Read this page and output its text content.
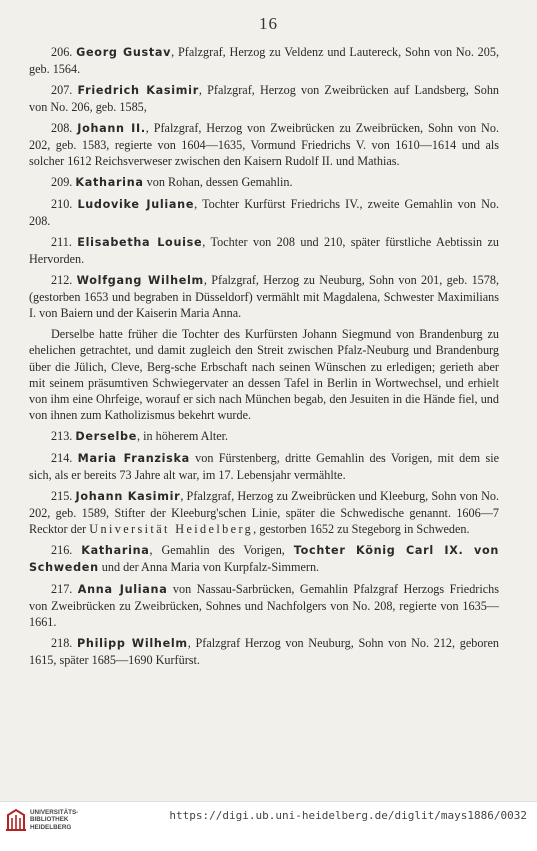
16

206. Georg Gustav, Pfalzgraf, Herzog zu Veldenz und Lautereck, Sohn von No. 205, geb. 1564.

207. Friedrich Kasimir, Pfalzgraf, Herzog von Zweibrücken auf Landsberg, Sohn von No. 206, geb. 1585,

208. Johann II., Pfalzgraf, Herzog von Zweibrücken zu Zweibrücken, Sohn von No. 202, geb. 1583, regierte von 1604—1635, Vormund Friedrichs V. von 1610—1614 und als solcher 1612 Reichsverweser zwischen den Kaisern Rudolf II. und Mathias.

209. Katharina von Rohan, dessen Gemahlin.

210. Ludovike Juliane, Tochter Kurfürst Friedrichs IV., zweite Gemahlin von No. 208.

211. Elisabetha Louise, Tochter von 208 und 210, später fürstliche Aebtissin zu Hervorden.

212. Wolfgang Wilhelm, Pfalzgraf, Herzog zu Neuburg, Sohn von 201, geb. 1578, (gestorben 1653 und begraben in Düsseldorf) vermählt mit Magdalena, Schwester Maximilians I. von Baiern und der Kaiserin Maria Anna.

Derselbe hatte früher die Tochter des Kurfürsten Johann Siegmund von Brandenburg zu ehelichen getrachtet, und damit zugleich den Streit zwischen Pfalz-Neuburg und Brandenburg über die Jülich, Cleve, Berg-sche Erbschaft nach seinen Wünschen zu erledigen; gerieth aber mit seinem präsumtiven Schwiegervater an dessen Tafel in Berlin in Wortwechsel, und erhielt von ihm eine Ohrfeige, worauf er sich nach München begab, den Jesuiten in die Hände fiel, und von ihnen zum Katholizismus bekehrt wurde.

213. Derselbe, in höherem Alter.

214. Maria Franziska von Fürstenberg, dritte Gemahlin des Vorigen, mit dem sie sich, als er bereits 73 Jahre alt war, im 17. Lebensjahr vermählte.

215. Johann Kasimir, Pfalzgraf, Herzog zu Zweibrücken und Kleeburg, Sohn von No. 202, geb. 1589, Stifter der Kleeburg'schen Linie, später die Schwedische genannt. 1606—7 Recktor der Universität Heidelberg, gestorben 1652 zu Stegeborg in Schweden.

216. Katharina, Gemahlin des Vorigen, Tochter König Carl IX. von Schweden und der Anna Maria von Kurpfalz-Simmern.

217. Anna Juliana von Nassau-Sarbrücken, Gemahlin Pfalzgraf Herzogs Friedrichs von Zweibrücken zu Zweibrücken, Sohnes und Nachfolgers von No. 208, regierte von 1635—1661.

218. Philipp Wilhelm, Pfalzgraf Herzog von Neuburg, Sohn von No. 212, geboren 1615, später 1685—1690 Kurfürst.

UNIVERSITÄTS-
BIBLIOTHEK
HEIDELBERG
https://digi.ub.uni-heidelberg.de/diglit/mays1886/0032
